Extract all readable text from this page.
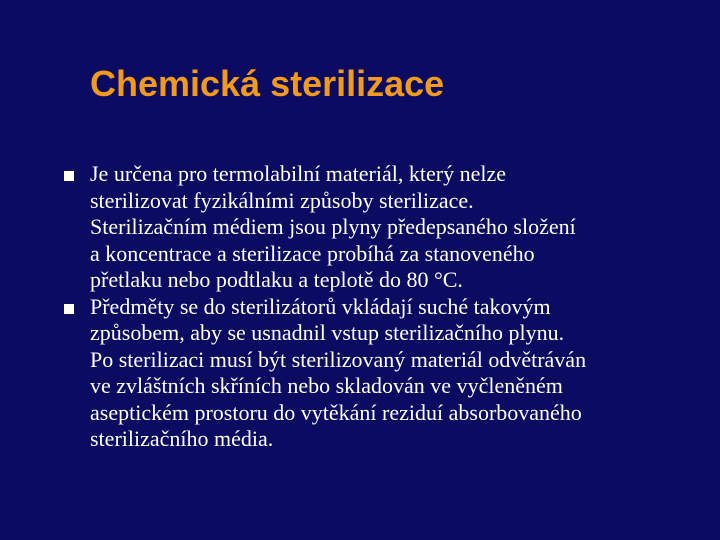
Chemická sterilizace
Je určena pro termolabilní materiál, který nelze
sterilizovat fyzikálními způsoby sterilizace.
Sterilizačním médiem jsou plyny předepsaného složení
a koncentrace a sterilizace probíhá za stanoveného
přetlaku nebo podtlaku a teplotě do 80 °C.
Předměty se do sterilizátorů vkládají suché takovým
způsobem, aby se usnadnil vstup sterilizačního plynu.
Po sterilizaci musí být sterilizovaný materiál odvětráván
ve zvláštních skříních nebo skladován ve vyčleněném
aseptickém prostoru do vytěkání reziduí absorbovaného
sterilizačního média.
